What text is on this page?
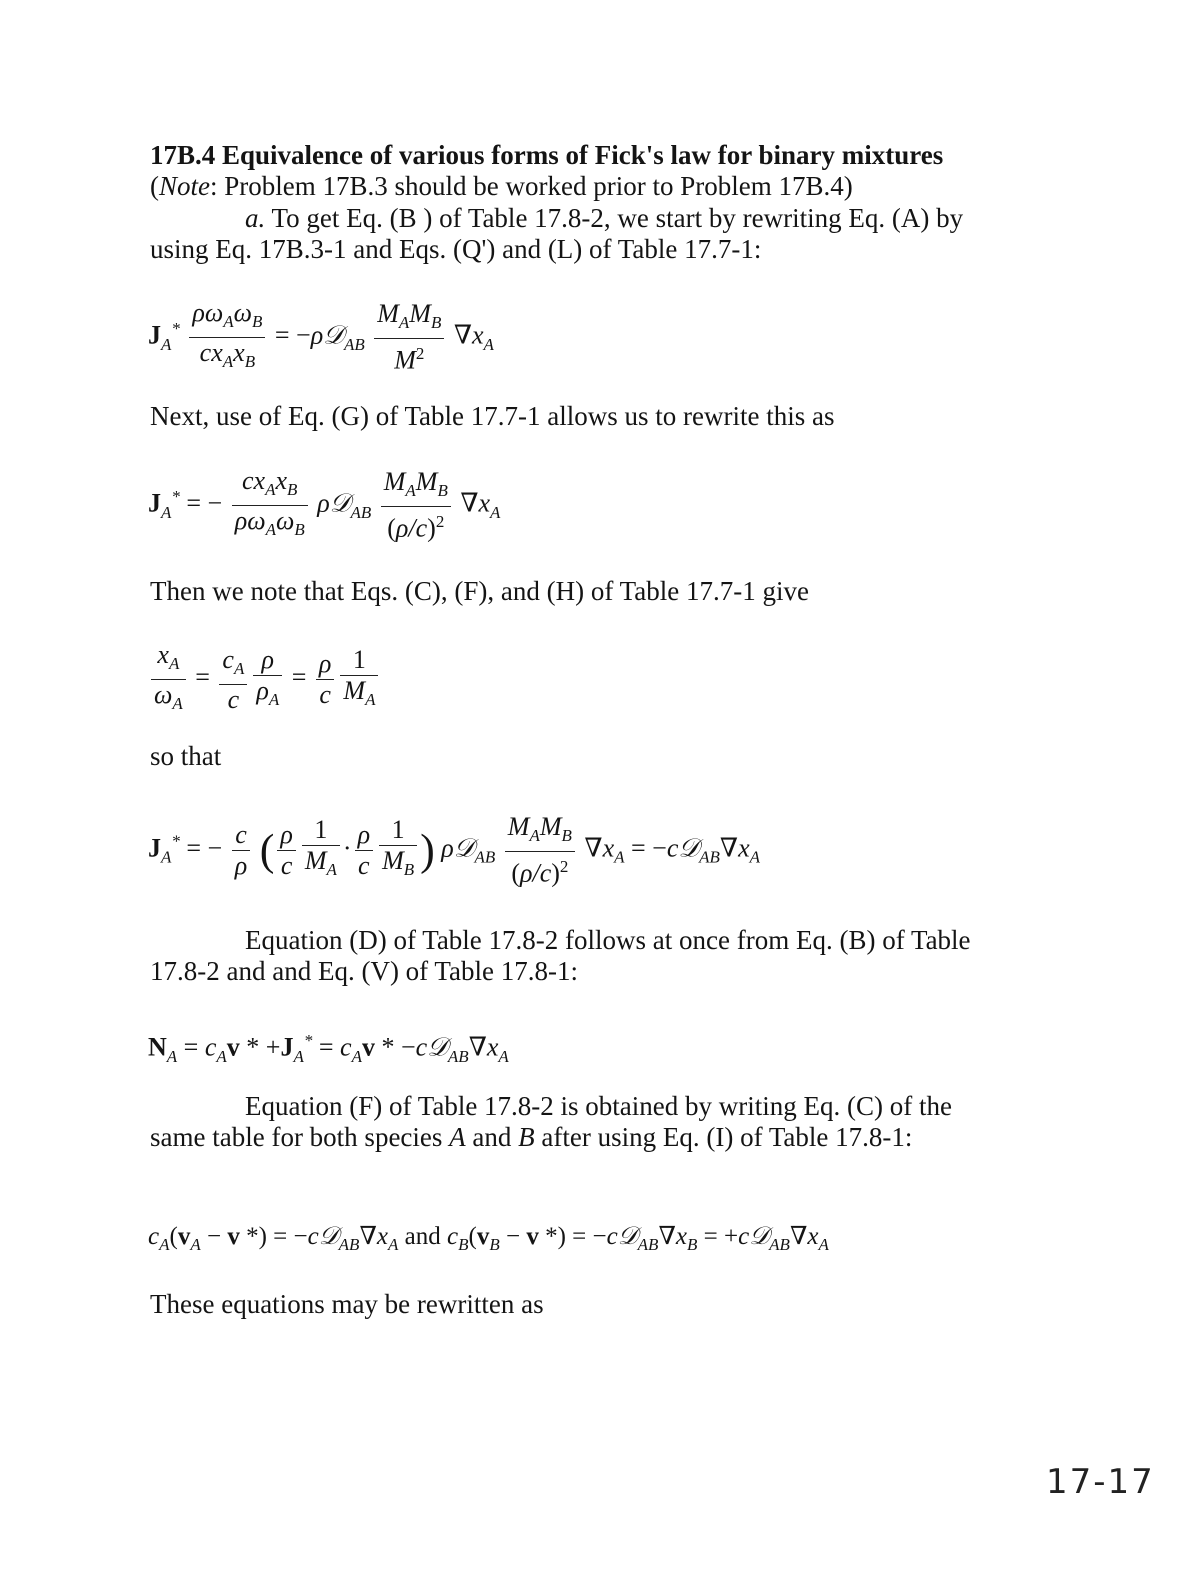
17B.4 Equivalence of various forms of Fick's law for binary mixtures
(Note: Problem 17B.3 should be worked prior to Problem 17B.4)

a. To get Eq. (B ) of Table 17.8-2, we start by rewriting Eq. (A) by using Eq. 17B.3-1 and Eqs. (Q') and (L) of Table 17.7-1:

$J_A^* \frac{\rho\omega_A\omega_B}{cx_Ax_B}$ = −ρ𝒟$_{AB}$ $\frac{M_AM_B}{M^2} \nabla x_A$

Next, use of Eq. (G) of Table 17.7-1 allows us to rewrite this as

$J_A^*$ = − $\frac{cx_Ax_B}{\rho\omega_A\omega_B}$ ρ𝒟$_{AB}$ $\frac{M_AM_B}{(\rho/c)^2} \nabla x_A$

Then we note that Eqs. (C), (F), and (H) of Table 17.7-1 give

$\frac{x_A}{\omega_A} = \frac{c_A}{c} \frac{\rho}{\rho_A} = \frac{\rho}{c} \frac{1}{M_A}$

so that

$J_A^*$ = − $\frac{c}{\rho}$ ( $\frac{\rho}{c} \frac{1}{M_A} \cdot \frac{\rho}{c} \frac{1}{M_B}$ ) ρ𝒟$_{AB}$ $\frac{M_AM_B}{(\rho/c)^2} \nabla x_A$ = $-c𝒟_{AB}\nabla x_A$

Equation (D) of Table 17.8-2 follows at once from Eq. (B) of Table 17.8-2 and and Eq. (V) of Table 17.8-1:

$N_A = c_Av * +J_A^* = c_Av$ * $-c𝒟_{AB}\nabla x_A$

Equation (F) of Table 17.8-2 is obtained by writing Eq. (C) of the same table for both species A and B after using Eq. (I) of Table 17.8-1:

$c_A(v_A - v$ *) = $-c𝒟_{AB}\nabla x_A$ and $c_B(v_B - v$ *) = $-c𝒟_{AB}\nabla x_B$ = $+c𝒟_{AB}\nabla x_A$

These equations may be rewritten as

17-17
